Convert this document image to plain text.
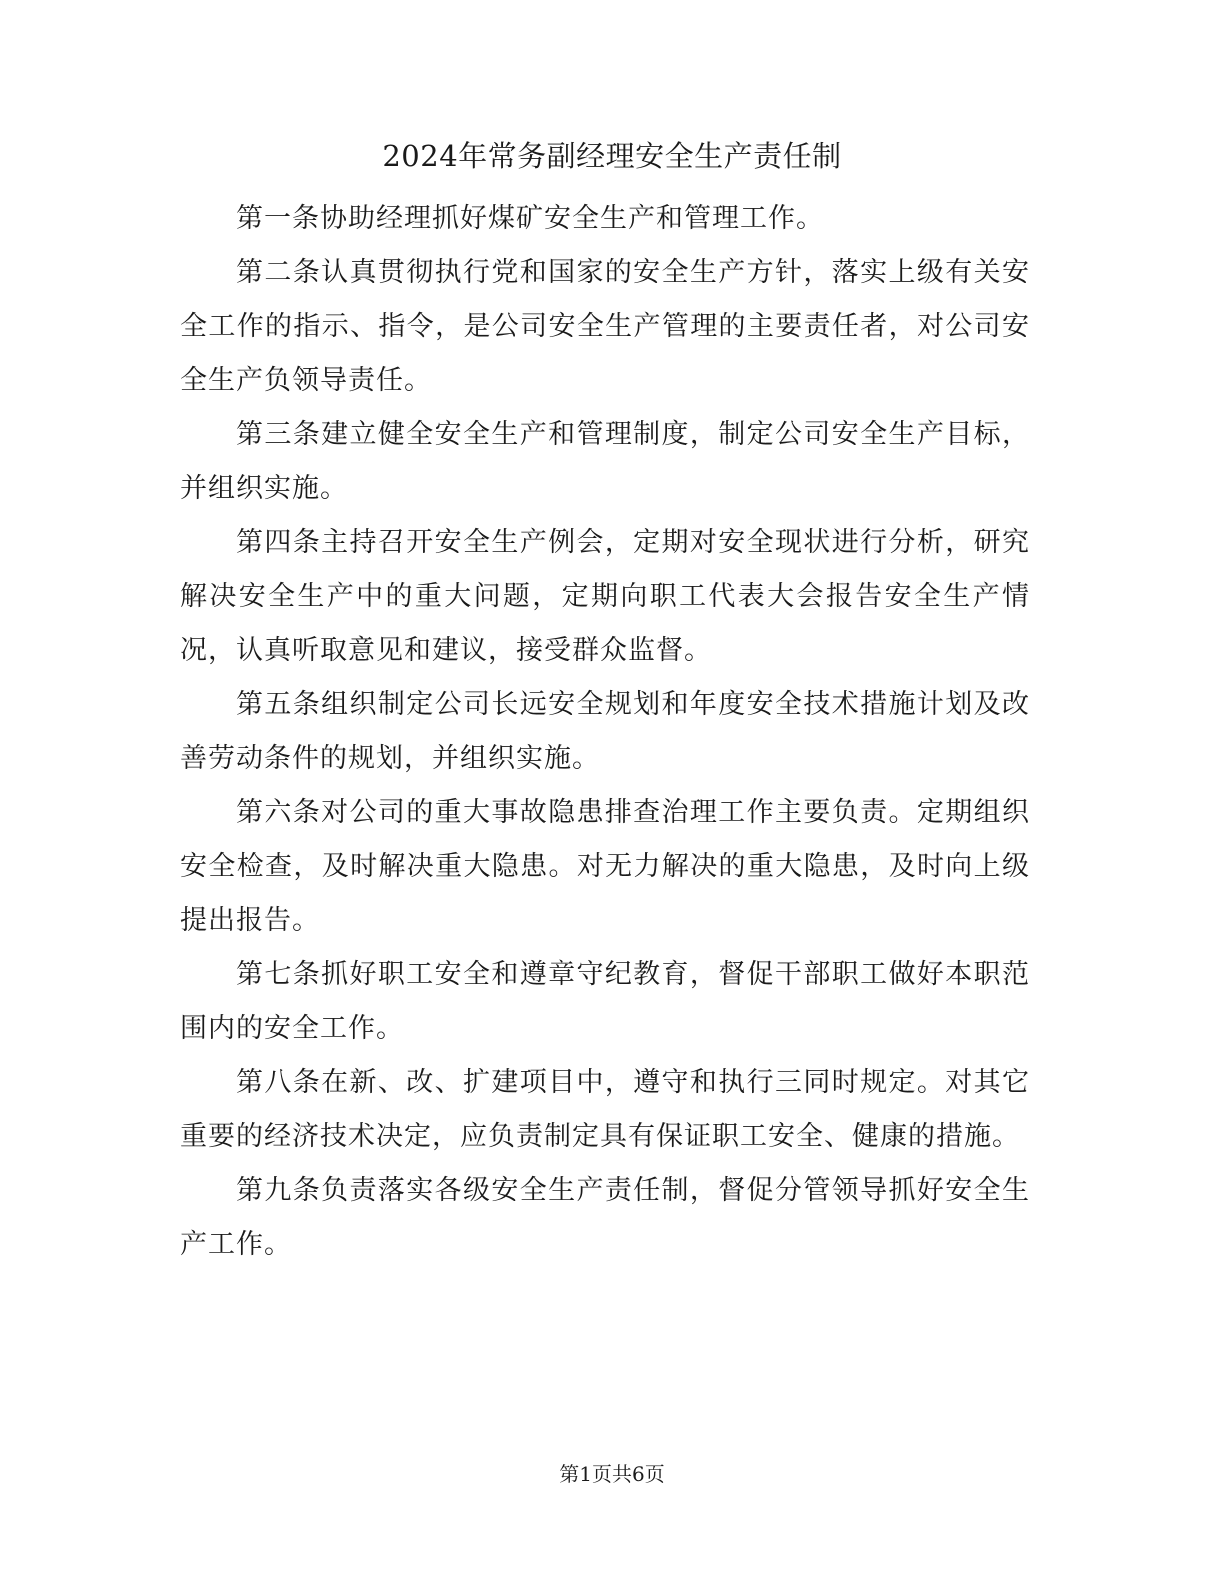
2024年常务副经理安全生产责任制

第一条协助经理抓好煤矿安全生产和管理工作。

第二条认真贯彻执行党和国家的安全生产方针，落实上级有关安全工作的指示、指令，是公司安全生产管理的主要责任者，对公司安全生产负领导责任。

第三条建立健全安全生产和管理制度，制定公司安全生产目标，并组织实施。

第四条主持召开安全生产例会，定期对安全现状进行分析，研究解决安全生产中的重大问题，定期向职工代表大会报告安全生产情况，认真听取意见和建议，接受群众监督。

第五条组织制定公司长远安全规划和年度安全技术措施计划及改善劳动条件的规划，并组织实施。

第六条对公司的重大事故隐患排查治理工作主要负责。定期组织安全检查，及时解决重大隐患。对无力解决的重大隐患，及时向上级提出报告。

第七条抓好职工安全和遵章守纪教育，督促干部职工做好本职范围内的安全工作。

第八条在新、改、扩建项目中，遵守和执行三同时规定。对其它重要的经济技术决定，应负责制定具有保证职工安全、健康的措施。

第九条负责落实各级安全生产责任制，督促分管领导抓好安全生产工作。

第1页共6页
